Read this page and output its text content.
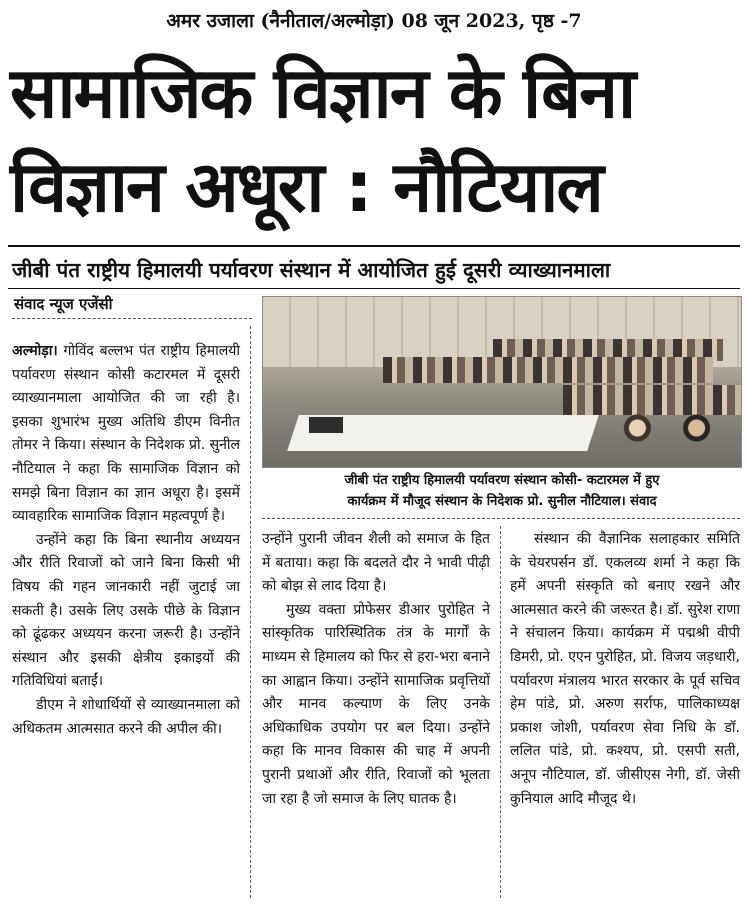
अमर उजाला (नैनीताल/अल्मोड़ा) 08 जून 2023, पृष्ठ -7
सामाजिक विज्ञान के बिना
विज्ञान अधूरा : नौटियाल
जीबी पंत राष्ट्रीय हिमालयी पर्यावरण संस्थान में आयोजित हुई दूसरी व्याख्यानमाला
संवाद न्यूज एजेंसी
जीबी पंत राष्ट्रीय हिमालयी पर्यावरण संस्थान कोसी- कटारमल में हुए
कार्यक्रम में मौजूद संस्थान के निदेशक प्रो. सुनील नौटियाल। संवाद

अल्मोड़ा। गोविंद बल्लभ पंत राष्ट्रीय हिमालयी पर्यावरण संस्थान कोसी कटारमल में दूसरी व्याख्यानमाला आयोजित की जा रही है। इसका शुभारंभ मुख्य अतिथि डीएम विनीत तोमर ने किया। संस्थान के निदेशक प्रो. सुनील नौटियाल ने कहा कि सामाजिक विज्ञान को समझे बिना विज्ञान का ज्ञान अधूरा है। इसमें व्यावहारिक सामाजिक विज्ञान महत्वपूर्ण है।

उन्होंने कहा कि बिना स्थानीय अध्ययन और रीति रिवाजों को जाने बिना किसी भी विषय की गहन जानकारी नहीं जुटाई जा सकती है। उसके लिए उसके पीछे के विज्ञान को ढूंढकर अध्ययन करना जरूरी है। उन्होंने संस्थान और इसकी क्षेत्रीय इकाइयों की गतिविधियां बताईं।

डीएम ने शोधार्थियों से व्याख्यानमाला को अधिकतम आत्मसात करने की अपील की।

उन्होंने पुरानी जीवन शैली को समाज के हित में बताया। कहा कि बदलते दौर ने भावी पीढ़ी को बोझ से लाद दिया है।

मुख्य वक्ता प्रोफेसर डीआर पुरोहित ने सांस्कृतिक पारिस्थितिक तंत्र के मार्गों के माध्यम से हिमालय को फिर से हरा-भरा बनाने का आह्वान किया। उन्होंने सामाजिक प्रवृत्तियों और मानव कल्याण के लिए उनके अधिकाधिक उपयोग पर बल दिया। उन्होंने कहा कि मानव विकास की चाह में अपनी पुरानी प्रथाओं और रीति, रिवाजों को भूलता जा रहा है जो समाज के लिए घातक है।

संस्थान की वैज्ञानिक सलाहकार समिति के चेयरपर्सन डॉ. एकलव्य शर्मा ने कहा कि हमें अपनी संस्कृति को बनाए रखने और आत्मसात करने की जरूरत है। डॉ. सुरेश राणा ने संचालन किया। कार्यक्रम में पद्मश्री वीपी डिमरी, प्रो. एएन पुरोहित, प्रो. विजय जड़धारी, पर्यावरण मंत्रालय भारत सरकार के पूर्व सचिव हेम पांडे, प्रो. अरुण सर्राफ, पालिकाध्यक्ष प्रकाश जोशी, पर्यावरण सेवा निधि के डॉ. ललित पांडे, प्रो. कश्यप, प्रो. एसपी सती, अनूप नौटियाल, डॉ. जीसीएस नेगी, डॉ. जेसी कुनियाल आदि मौजूद थे।
